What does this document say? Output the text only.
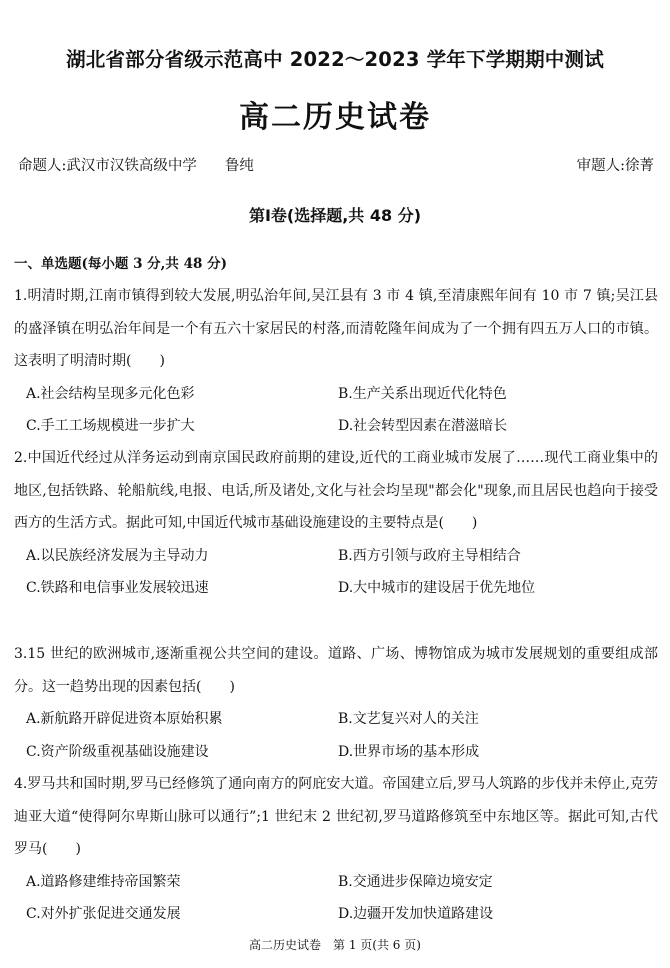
湖北省部分省级示范高中 2022～2023 学年下学期期中测试
高二历史试卷
命题人:武汉市汉铁高级中学 鲁纯	审题人:徐菁
第Ⅰ卷(选择题,共 48 分)
一、单选题(每小题 3 分,共 48 分)
1.明清时期,江南市镇得到较大发展,明弘治年间,吴江县有 3 市 4 镇,至清康熙年间有 10 市 7 镇;吴江县的盛泽镇在明弘治年间是一个有五六十家居民的村落,而清乾隆年间成为了一个拥有四五万人口的市镇。这表明了明清时期(　　)
A.社会结构呈现多元化色彩	B.生产关系出现近代化特色
C.手工工场规模进一步扩大	D.社会转型因素在潜滋暗长
2.中国近代经过从洋务运动到南京国民政府前期的建设,近代的工商业城市发展了……现代工商业集中的地区,包括铁路、轮船航线,电报、电话,所及诸处,文化与社会均呈现"都会化"现象,而且居民也趋向于接受西方的生活方式。据此可知,中国近代城市基础设施建设的主要特点是(　　)
A.以民族经济发展为主导动力	B.西方引领与政府主导相结合
C.铁路和电信事业发展较迅速	D.大中城市的建设居于优先地位
3.15 世纪的欧洲城市,逐渐重视公共空间的建设。道路、广场、博物馆成为城市发展规划的重要组成部分。这一趋势出现的因素包括(　　)
A.新航路开辟促进资本原始积累	B.文艺复兴对人的关注
C.资产阶级重视基础设施建设	D.世界市场的基本形成
4.罗马共和国时期,罗马已经修筑了通向南方的阿庇安大道。帝国建立后,罗马人筑路的步伐并未停止,克劳迪亚大道“使得阿尔卑斯山脉可以通行”;1 世纪末 2 世纪初,罗马道路修筑至中东地区等。据此可知,古代罗马(　　)
A.道路修建维持帝国繁荣	B.交通进步保障边境安定
C.对外扩张促进交通发展	D.边疆开发加快道路建设
高二历史试卷　第 1 页(共 6 页)
